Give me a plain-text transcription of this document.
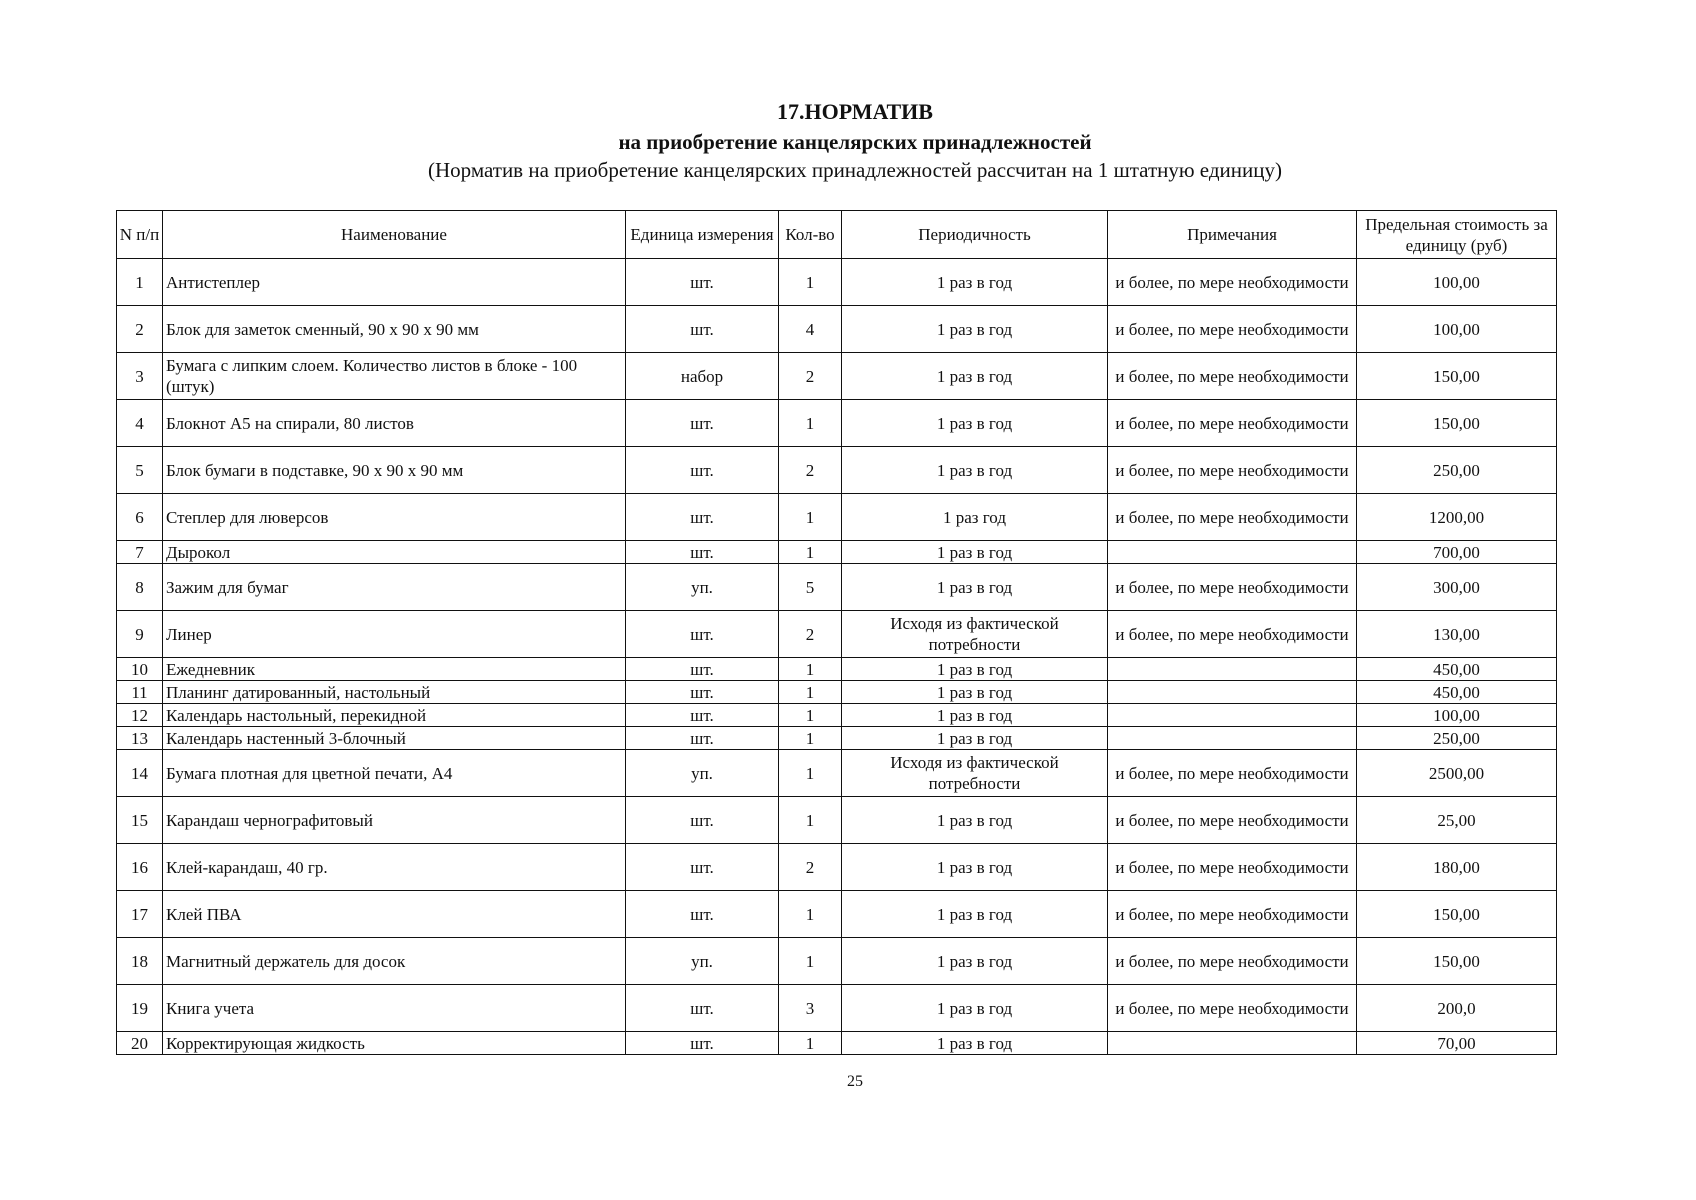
17.НОРМАТИВ
на приобретение канцелярских принадлежностей
(Норматив на приобретение канцелярских принадлежностей рассчитан на 1 штатную единицу)
N п/п	Наименование	Единица измерения	Кол-во	Периодичность	Примечания	Предельная стоимость за единицу (руб)
1	Антистеплер	шт.	1	1 раз в год	и более, по мере необходимости	100,00
2	Блок для заметок сменный, 90 х 90 х 90 мм	шт.	4	1 раз в год	и более, по мере необходимости	100,00
3	Бумага с липким слоем. Количество листов в блоке - 100 (штук)	набор	2	1 раз в год	и более, по мере необходимости	150,00
4	Блокнот А5 на спирали, 80 листов	шт.	1	1 раз в год	и более, по мере необходимости	150,00
5	Блок бумаги в подставке, 90 х 90 х 90 мм	шт.	2	1 раз в год	и более, по мере необходимости	250,00
6	Степлер для люверсов	шт.	1	1 раз год	и более, по мере необходимости	1200,00
7	Дырокол	шт.	1	1 раз в год		700,00
8	Зажим для бумаг	уп.	5	1 раз в год	и более, по мере необходимости	300,00
9	Линер	шт.	2	Исходя из фактической потребности	и более, по мере необходимости	130,00
10	Ежедневник	шт.	1	1 раз в год		450,00
11	Планинг датированный, настольный	шт.	1	1 раз в год		450,00
12	Календарь настольный, перекидной	шт.	1	1 раз в год		100,00
13	Календарь настенный 3-блочный	шт.	1	1 раз в год		250,00
14	Бумага плотная для цветной печати, А4	уп.	1	Исходя из фактической потребности	и более, по мере необходимости	2500,00
15	Карандаш чернографитовый	шт.	1	1 раз в год	и более, по мере необходимости	25,00
16	Клей-карандаш, 40 гр.	шт.	2	1 раз в год	и более, по мере необходимости	180,00
17	Клей ПВА	шт.	1	1 раз в год	и более, по мере необходимости	150,00
18	Магнитный держатель для досок	уп.	1	1 раз в год	и более, по мере необходимости	150,00
19	Книга учета	шт.	3	1 раз в год	и более, по мере необходимости	200,0
20	Корректирующая жидкость	шт.	1	1 раз в год		70,00
25
